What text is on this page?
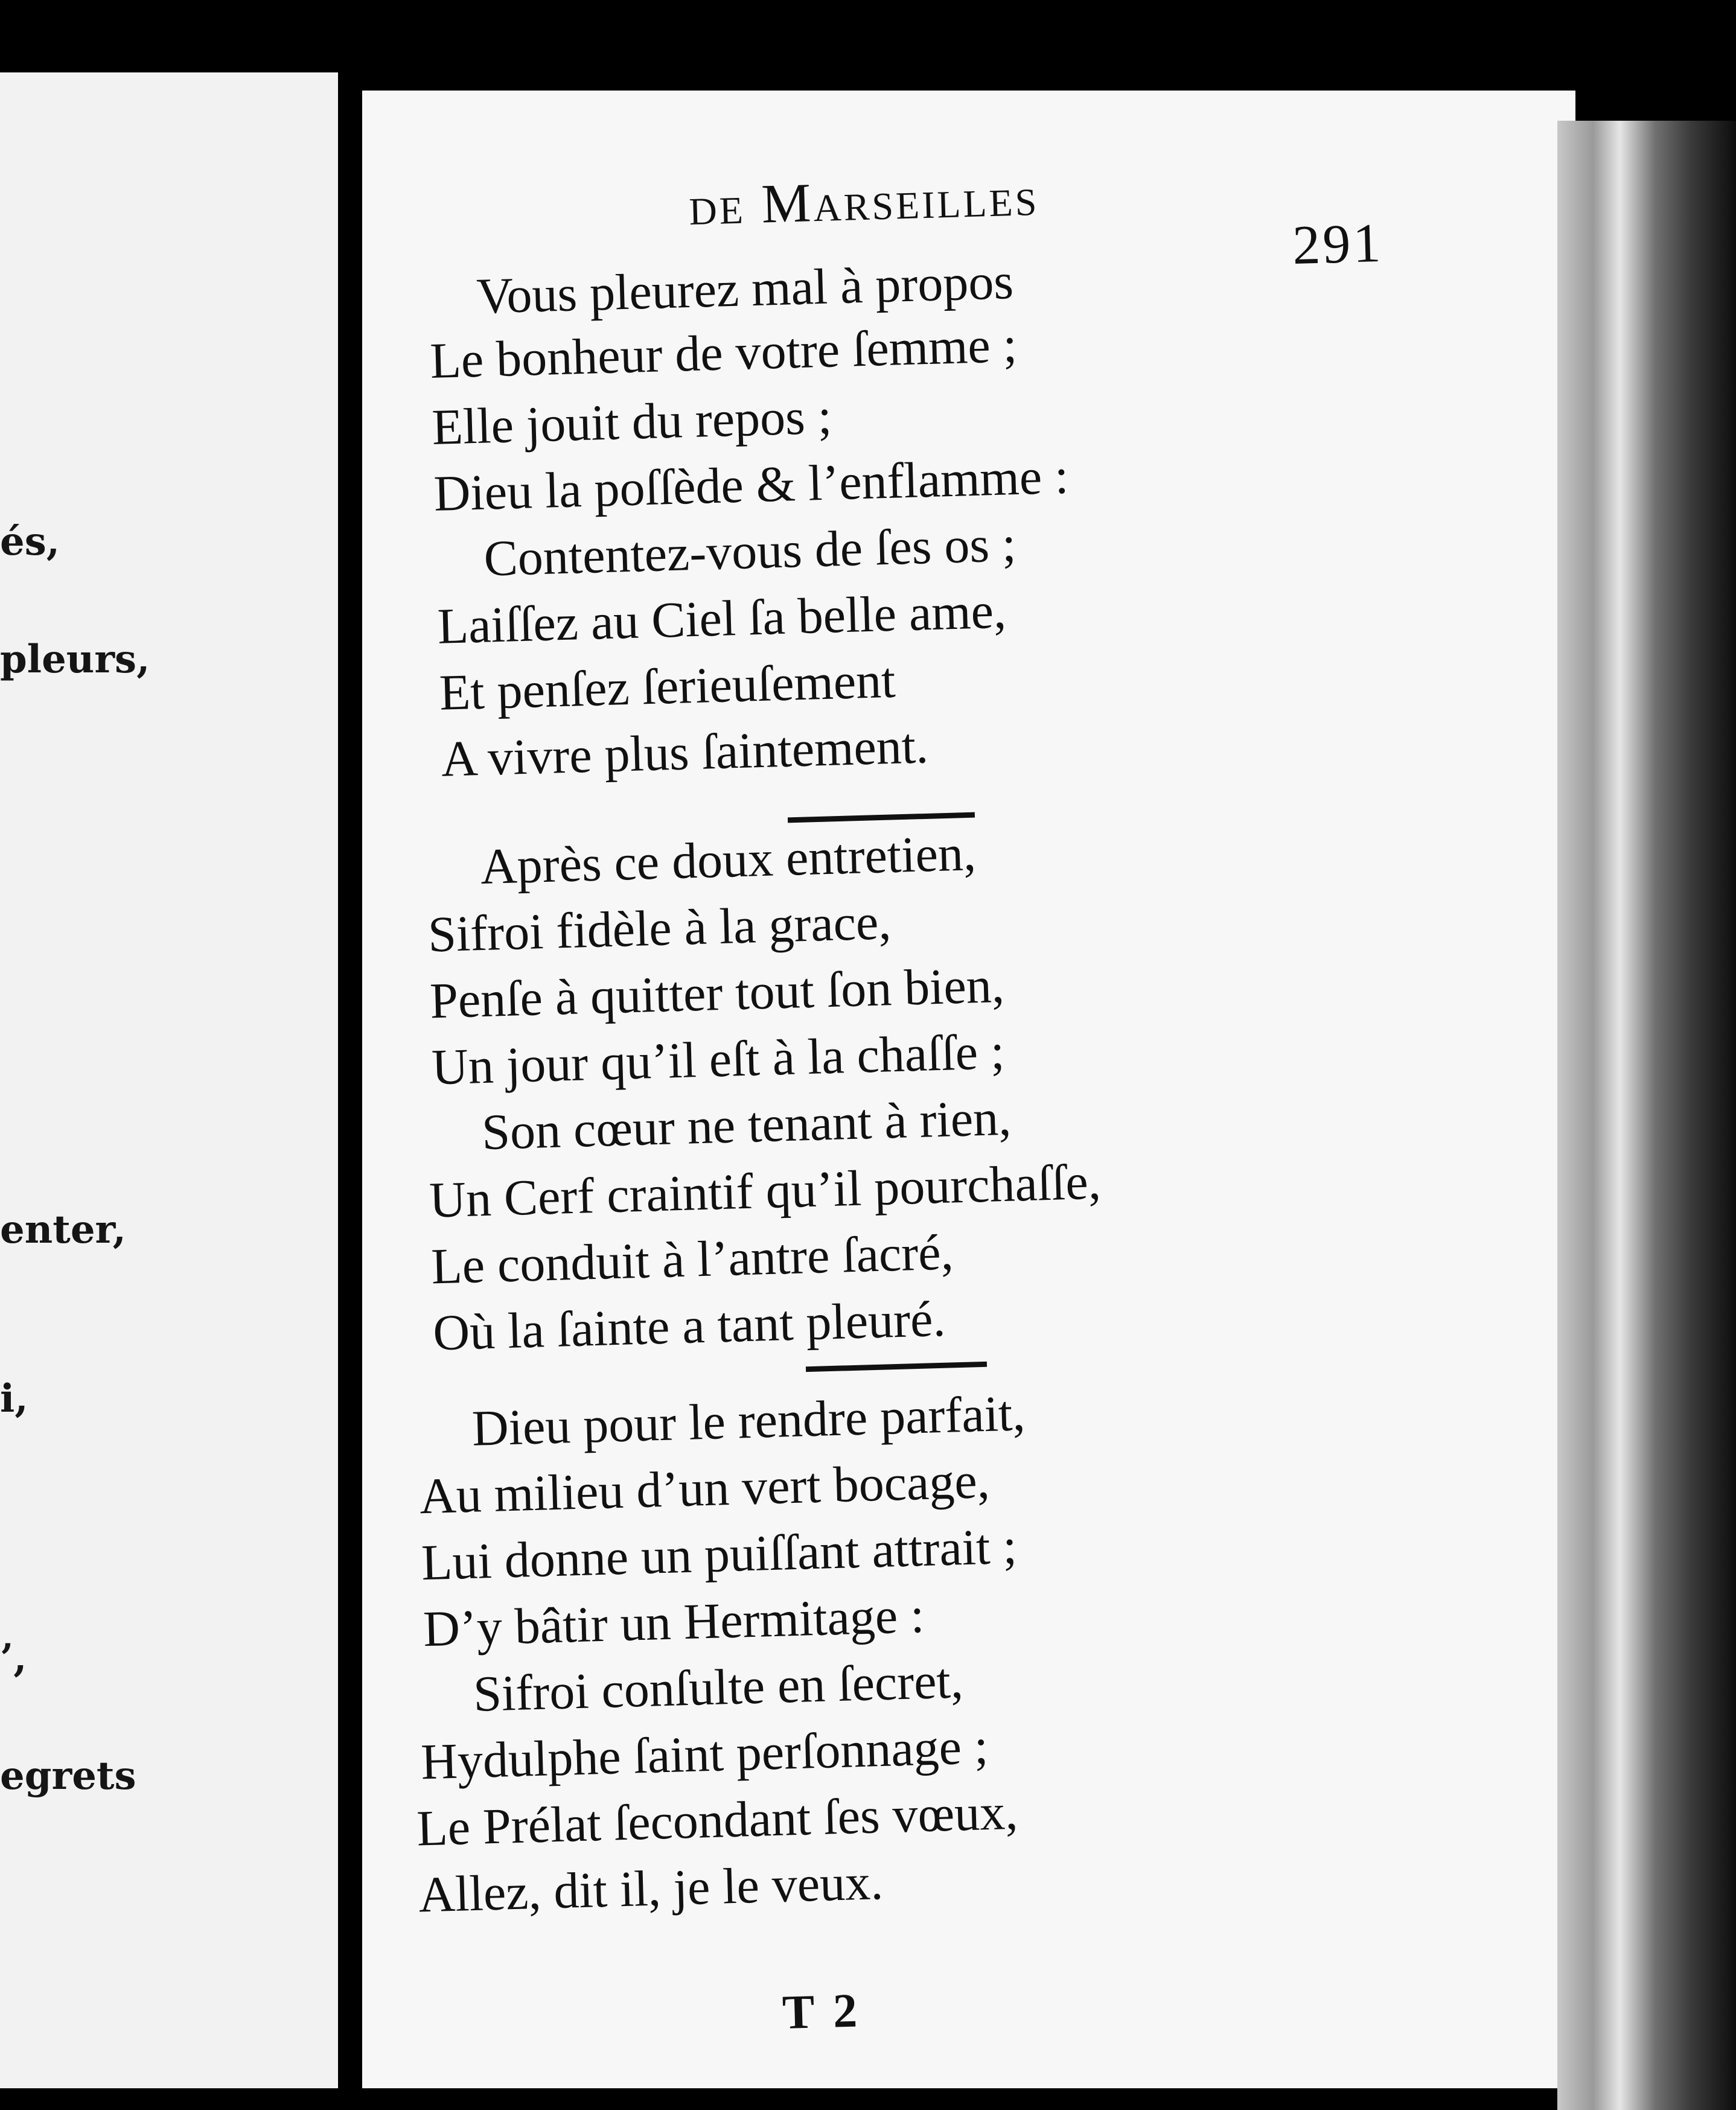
és,
pleurs,
enter,
i,
’,
egrets
de Marseilles
291
Vous pleurez mal à propos
Le bonheur de votre ſemme ;
Elle jouit du repos ;
Dieu la poſſède & l’enflamme :
Contentez-vous de ſes os ;
Laiſſez au Ciel ſa belle ame,
Et penſez ſerieuſement
A vivre plus ſaintement.
Après ce doux entretien,
Sifroi fidèle à la grace,
Penſe à quitter tout ſon bien,
Un jour qu’il eſt à la chaſſe ;
Son cœur ne tenant à rien,
Un Cerf craintif qu’il pourchaſſe,
Le conduit à l’antre ſacré,
Où la ſainte a tant pleuré.
Dieu pour le rendre parfait,
Au milieu d’un vert bocage,
Lui donne un puiſſant attrait ;
D’y bâtir un Hermitage :
Sifroi conſulte en ſecret,
Hydulphe ſaint perſonnage ;
Le Prélat ſecondant ſes vœux,
Allez, dit il, je le veux.
T 2
